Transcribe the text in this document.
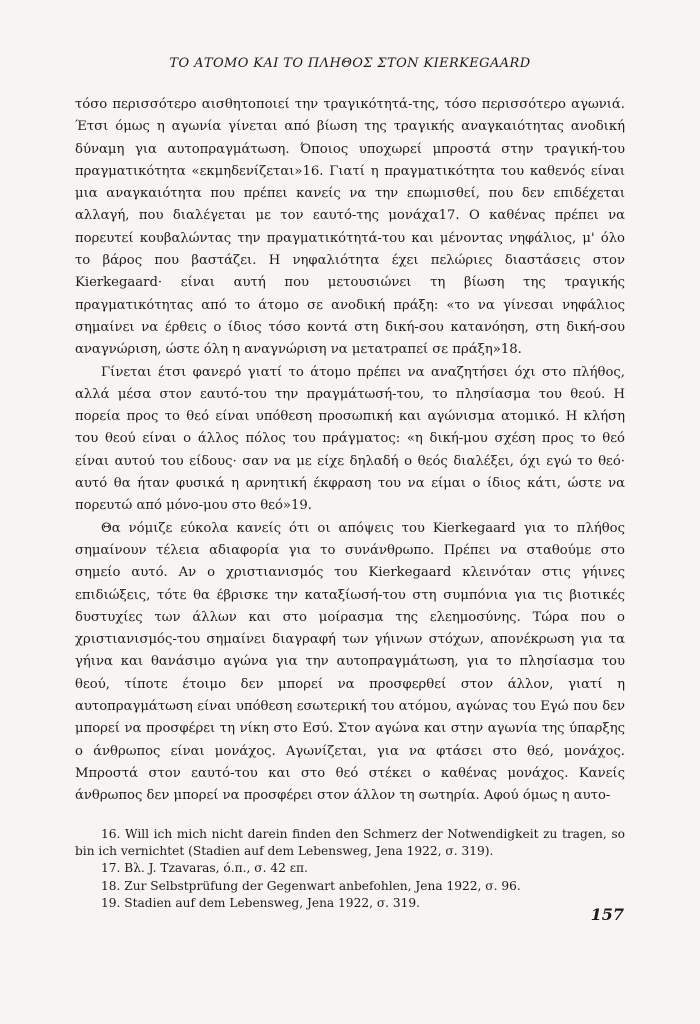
ΤΟ ΑΤΟΜΟ ΚΑΙ ΤΟ ΠΛΗΘΟΣ ΣΤΟΝ KIERKEGAARD

τόσο περισσότερο αισθητοποιεί την τραγικότητά-της, τόσο περισσότερο αγωνιά. Έτσι όμως η αγωνία γίνεται από βίωση της τραγικής αναγκαιότητας ανοδική δύναμη για αυτοπραγμάτωση. Όποιος υποχωρεί μπροστά στην τραγική-του πραγματικότητα «εκμηδενίζεται»16. Γιατί η πραγματικότητα του καθενός είναι μια αναγκαιότητα που πρέπει κανείς να την επωμισθεί, που δεν επιδέχεται αλλαγή, που διαλέγεται με τον εαυτό-της μονάχα17. Ο καθένας πρέπει να πορευτεί κουβαλώντας την πραγματικότητά-του και μένοντας νηφάλιος, μ' όλο το βάρος που βαστάζει. Η νηφαλιότητα έχει πελώριες διαστάσεις στον Kierkegaard· είναι αυτή που μετουσιώνει τη βίωση της τραγικής πραγματικότητας από το άτομο σε ανοδική πράξη: «το να γίνεσαι νηφάλιος σημαίνει να έρθεις ο ίδιος τόσο κοντά στη δική-σου κατανόηση, στη δική-σου αναγνώριση, ώστε όλη η αναγνώριση να μετατραπεί σε πράξη»18.

Γίνεται έτσι φανερό γιατί το άτομο πρέπει να αναζητήσει όχι στο πλήθος, αλλά μέσα στον εαυτό-του την πραγμάτωσή-του, το πλησίασμα του θεού. Η πορεία προς το θεό είναι υπόθεση προσωπική και αγώνισμα ατομικό. Η κλήση του θεού είναι ο άλλος πόλος του πράγματος: «η δική-μου σχέση προς το θεό είναι αυτού του είδους· σαν να με είχε δηλαδή ο θεός διαλέξει, όχι εγώ το θεό· αυτό θα ήταν φυσικά η αρνητική έκφραση του να είμαι ο ίδιος κάτι, ώστε να πορευτώ από μόνο-μου στο θεό»19.

Θα νόμιζε εύκολα κανείς ότι οι απόψεις του Kierkegaard για το πλήθος σημαίνουν τέλεια αδιαφορία για το συνάνθρωπο. Πρέπει να σταθούμε στο σημείο αυτό. Αν ο χριστιανισμός του Kierkegaard κλεινόταν στις γήινες επιδιώξεις, τότε θα έβρισκε την καταξίωσή-του στη συμπόνια για τις βιοτικές δυστυχίες των άλλων και στο μοίρασμα της ελεημοσύνης. Τώρα που ο χριστιανισμός-του σημαίνει διαγραφή των γήινων στόχων, απονέκρωση για τα γήινα και θανάσιμο αγώνα για την αυτοπραγμάτωση, για το πλησίασμα του θεού, τίποτε έτοιμο δεν μπορεί να προσφερθεί στον άλλον, γιατί η αυτοπραγμάτωση είναι υπόθεση εσωτερική του ατόμου, αγώνας του Εγώ που δεν μπορεί να προσφέρει τη νίκη στο Εσύ. Στον αγώνα και στην αγωνία της ύπαρξης ο άνθρωπος είναι μονάχος. Αγωνίζεται, για να φτάσει στο θεό, μονάχος. Μπροστά στον εαυτό-του και στο θεό στέκει ο καθένας μονάχος. Κανείς άνθρωπος δεν μπορεί να προσφέρει στον άλλον τη σωτηρία. Αφού όμως η αυτο-

16. Will ich mich nicht darein finden den Schmerz der Notwendigkeit zu tragen, so bin ich vernichtet (Stadien auf dem Lebensweg, Jena 1922, σ. 319).

17. Βλ. J. Tzavaras, ό.π., σ. 42 επ.

18. Zur Selbstprüfung der Gegenwart anbefohlen, Jena 1922, σ. 96.

19. Stadien auf dem Lebensweg, Jena 1922, σ. 319.

157
